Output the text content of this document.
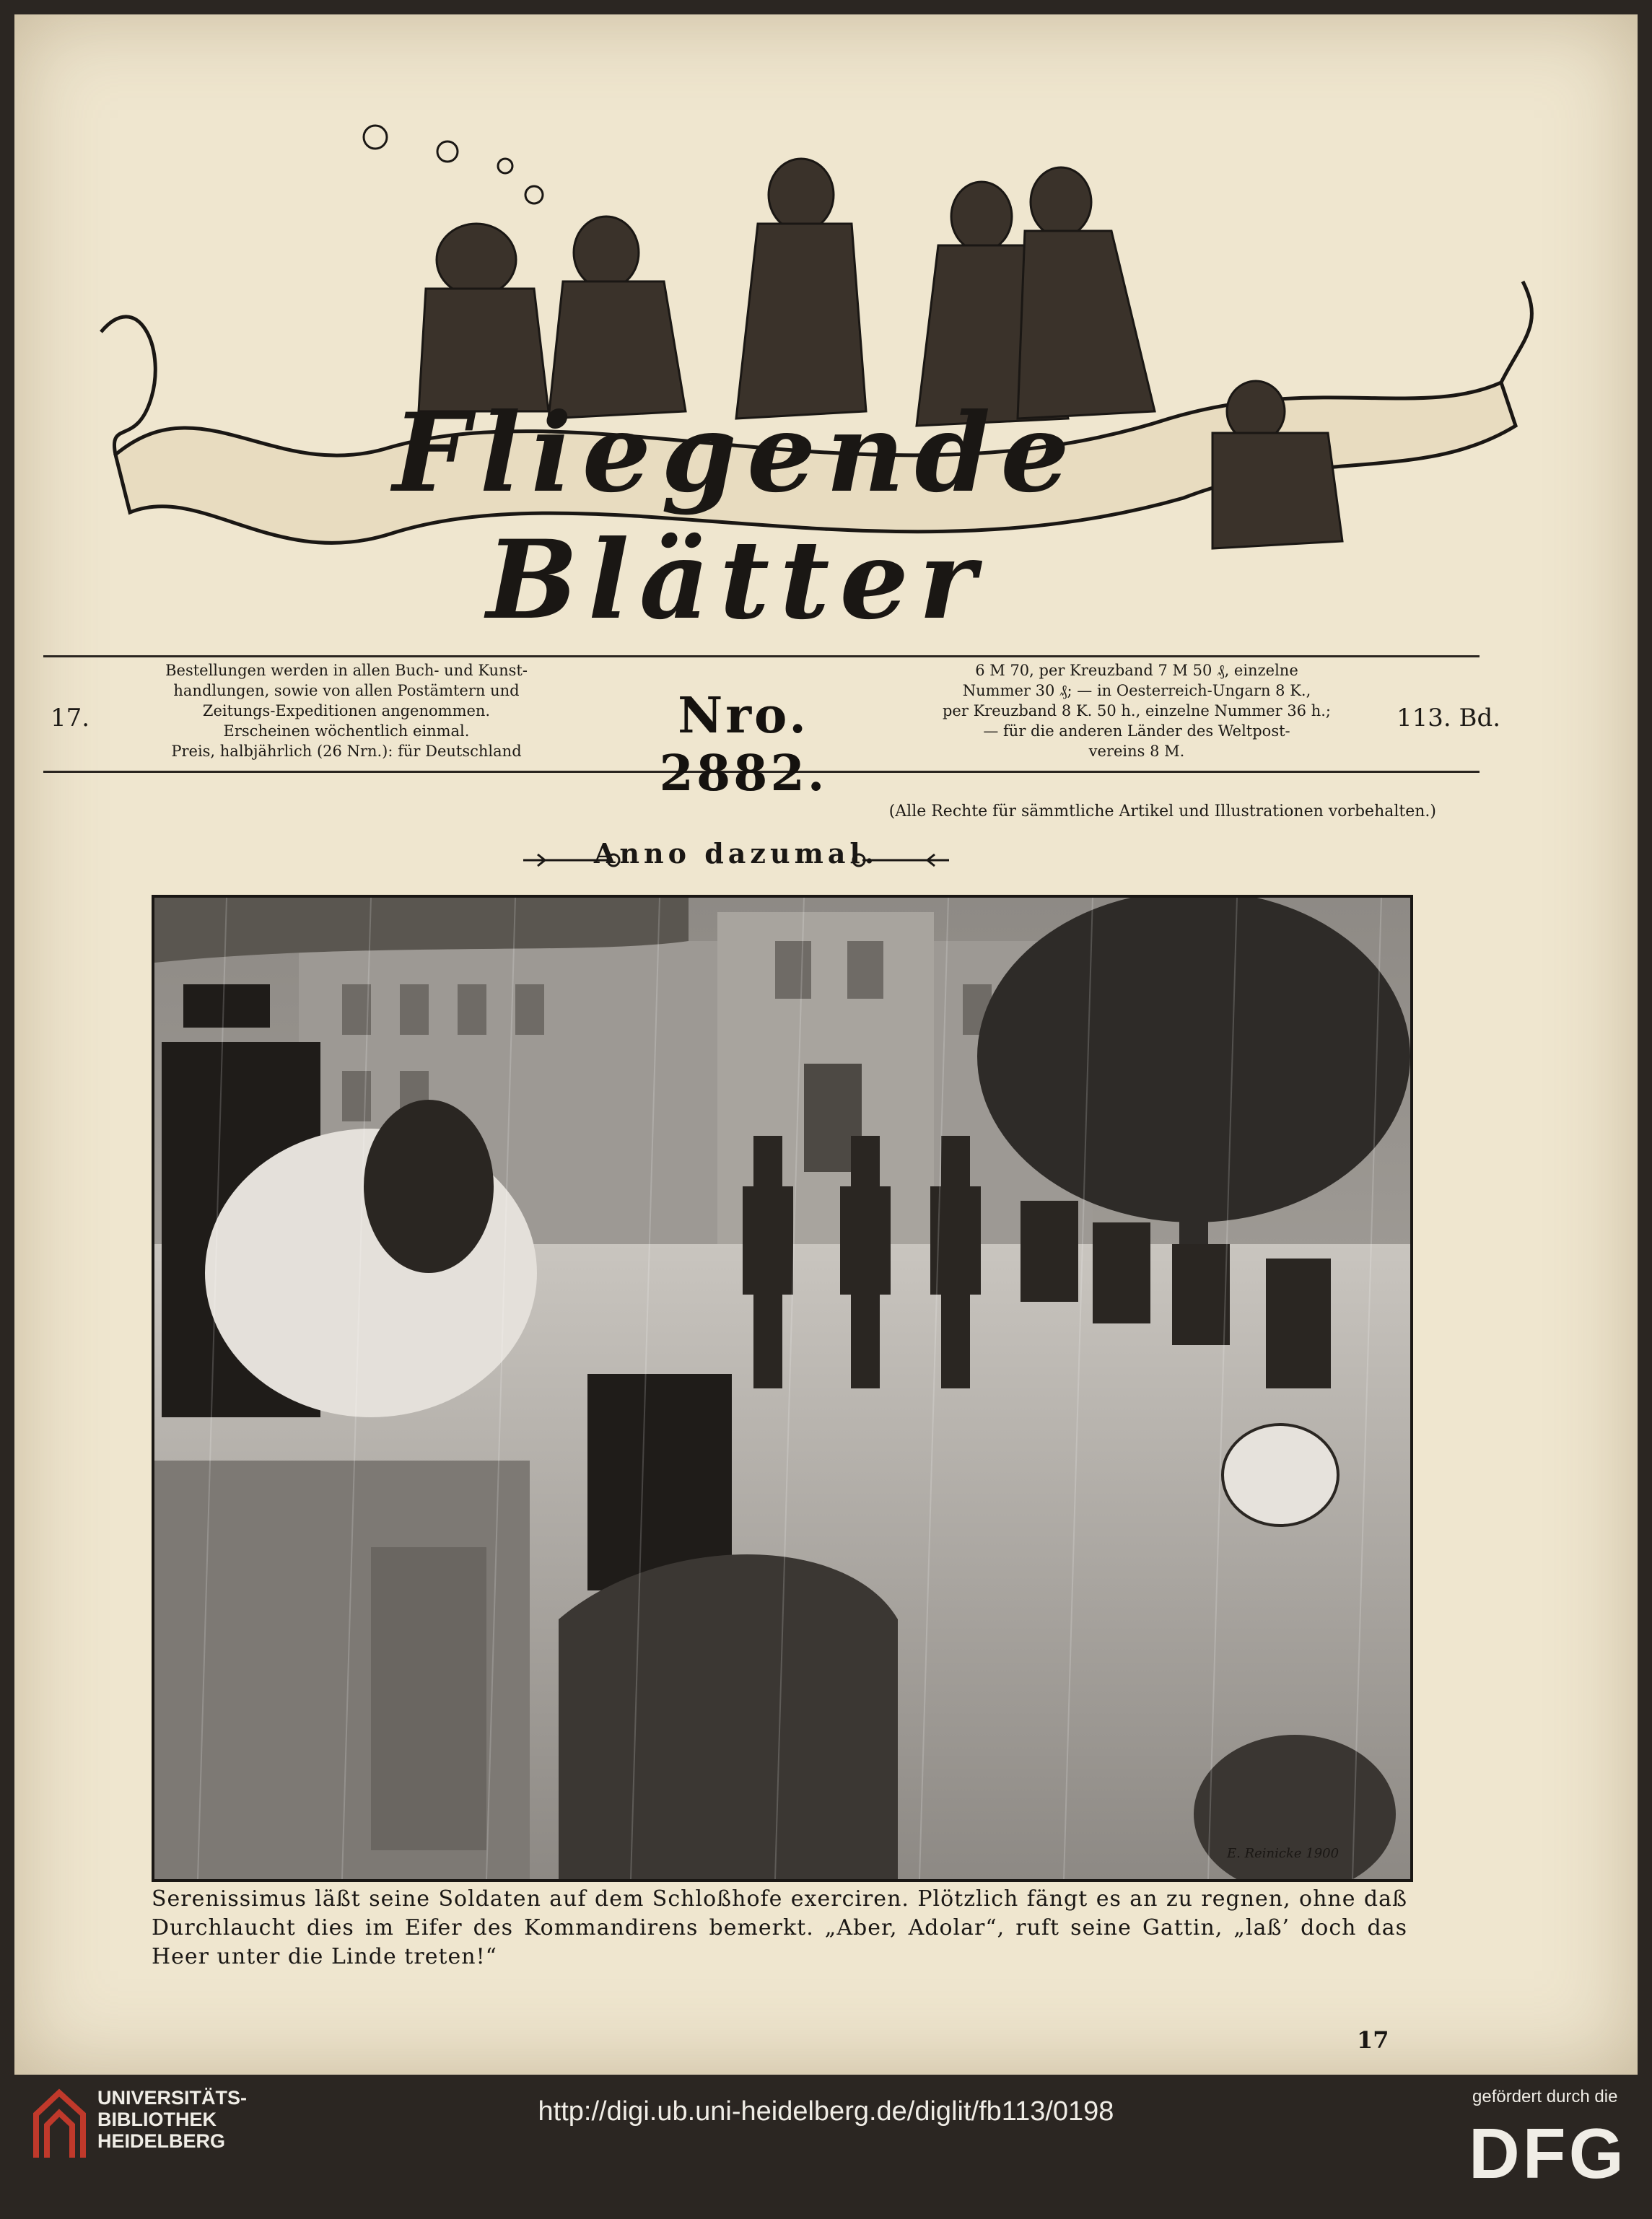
Fliegende Blätter
17.
Bestellungen werden in allen Buch- und Kunst-
handlungen, sowie von allen Postämtern und
Zeitungs-Expeditionen angenommen.
Erscheinen wöchentlich einmal.
Preis, halbjährlich (26 Nrn.): für Deutschland
Nro. 2882.
6 M 70, per Kreuzband 7 M 50 ₰, einzelne
Nummer 30 ₰; — in Oesterreich-Ungarn 8 K.,
per Kreuzband 8 K. 50 h., einzelne Nummer 36 h.;
— für die anderen Länder des Weltpost-
vereins 8 M.
113. Bd.
(Alle Rechte für sämmtliche Artikel und Illustrationen vorbehalten.)
Anno dazumal.
E. Reinicke 1900
Serenissimus läßt seine Soldaten auf dem Schloßhofe exerciren. Plötzlich fängt es an zu regnen, ohne daß Durchlaucht dies im Eifer des Kommandirens bemerkt. „Aber, Adolar“, ruft seine Gattin, „laß’ doch das Heer unter die Linde treten!“
17
UNIVERSITÄTS-
BIBLIOTHEK
HEIDELBERG
http://digi.ub.uni-heidelberg.de/diglit/fb113/0198	gefördert durch die
DFG
